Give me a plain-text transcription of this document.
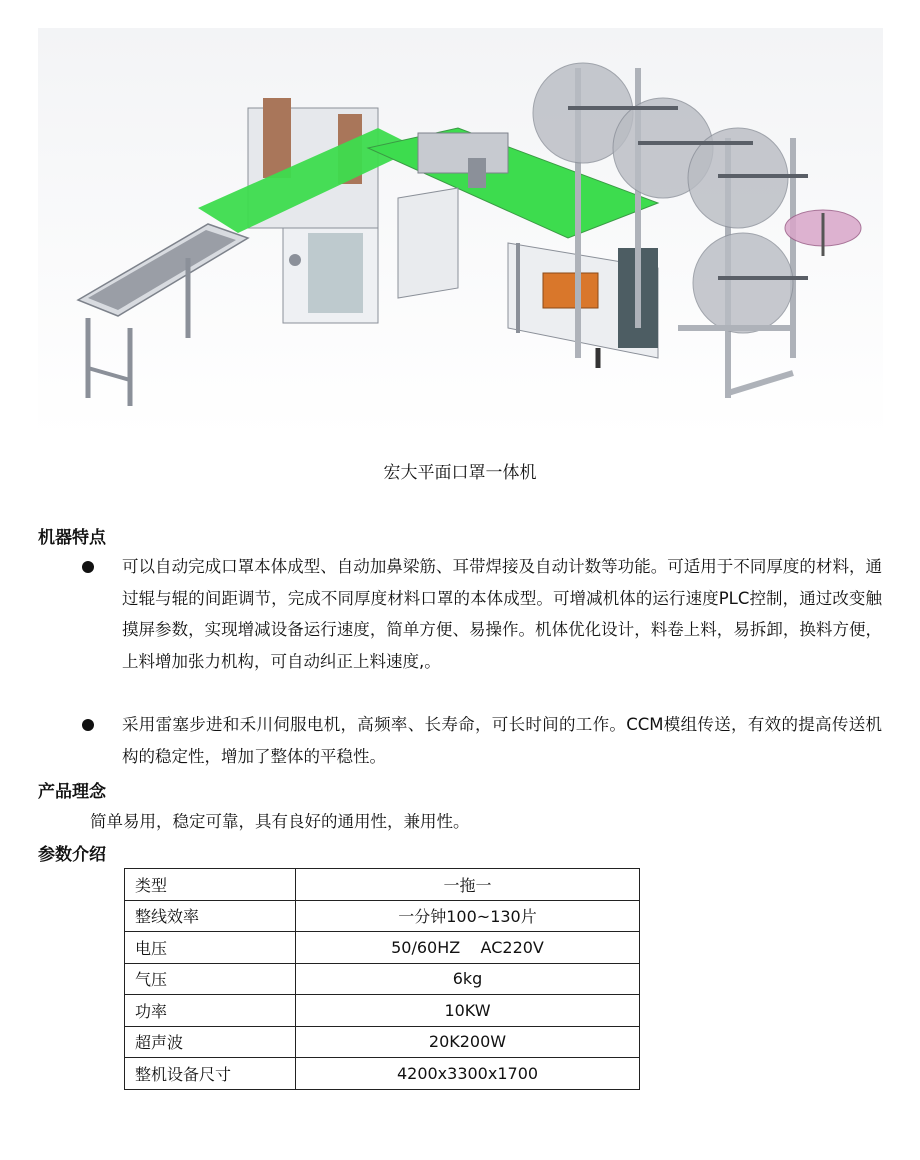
宏大平面口罩一体机
机器特点
可以自动完成口罩本体成型、自动加鼻梁筋、耳带焊接及自动计数等功能。可适用于不同厚度的材料，通过辊与辊的间距调节，完成不同厚度材料口罩的本体成型。可增减机体的运行速度PLC控制，通过改变触摸屏参数，实现增减设备运行速度，简单方便、易操作。机体优化设计，料卷上料，易拆卸，换料方便，上料增加张力机构，可自动纠正上料速度,。
采用雷塞步进和禾川伺服电机，高频率、长寿命，可长时间的工作。CCM模组传送，有效的提高传送机构的稳定性，增加了整体的平稳性。
产品理念
简单易用，稳定可靠，具有良好的通用性，兼用性。
参数介绍
类型	一拖一
整线效率	一分钟100~130片
电压	50/60HZ    AC220V
气压	6kg
功率	10KW
超声波	20K200W
整机设备尺寸	4200x3300x1700
